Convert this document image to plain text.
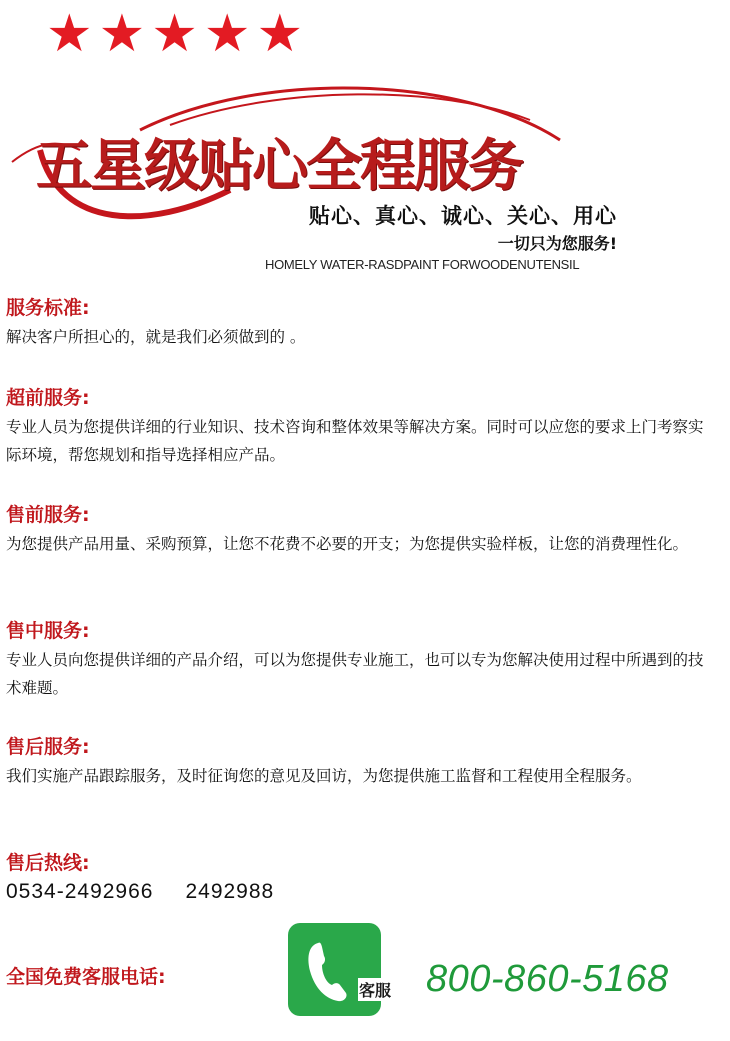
★ ★ ★ ★ ★
五星级贴心全程服务
贴心、真心、诚心、关心、用心
一切只为您服务!
HOMELY WATER-RASDPAINT FORWOODENUTENSIL
服务标准:
解决客户所担心的，就是我们必须做到的 。
超前服务:
专业人员为您提供详细的行业知识、技术咨询和整体效果等解决方案。同时可以应您的要求上门考察实际环境，帮您规划和指导选择相应产品。
售前服务:
为您提供产品用量、采购预算，让您不花费不必要的开支；为您提供实验样板，让您的消费理性化。
售中服务:
专业人员向您提供详细的产品介绍，可以为您提供专业施工，也可以专为您解决使用过程中所遇到的技术难题。
售后服务:
我们实施产品跟踪服务，及时征询您的意见及回访，为您提供施工监督和工程使用全程服务。
售后热线:
0534-2492966 2492988
全国免费客服电话:
客服 800-860-5168
